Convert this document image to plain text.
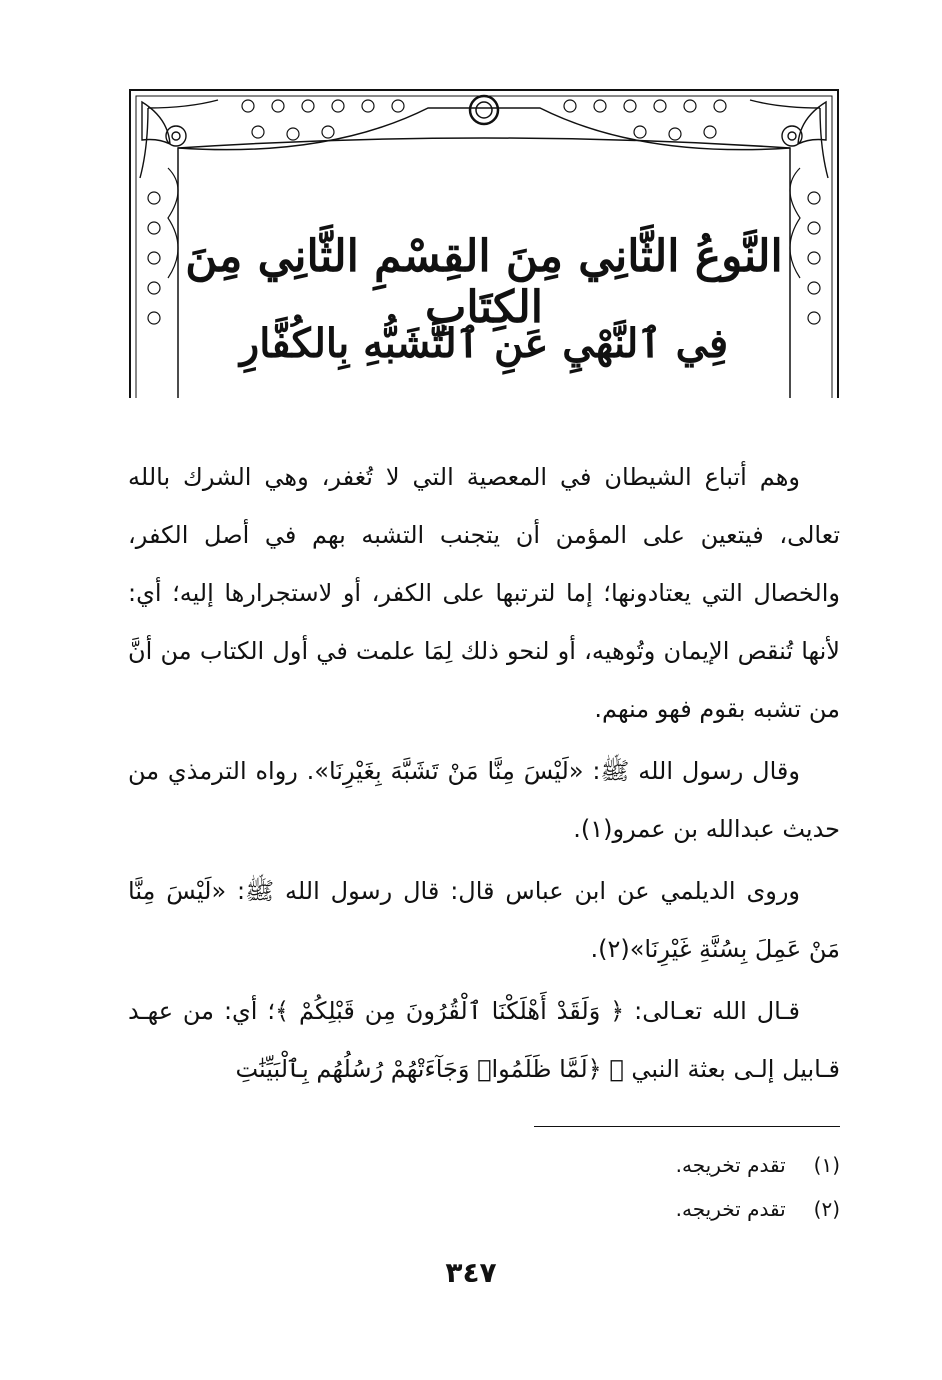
النَّوعُ الثَّانِي مِنَ القِسْمِ الثَّانِي مِنَ الكِتَابِ
فِي ٱلنَّهْيِ عَنِ ٱلتَّشَبُّهِ بِالكُفَّارِ

وهم أتباع الشيطان في المعصية التي لا تُغفر، وهي الشرك بالله تعالى، فيتعين على المؤمن أن يتجنب التشبه بهم في أصل الكفر، والخصال التي يعتادونها؛ إما لترتبها على الكفر، أو لاستجرارها إليه؛ أي: لأنها تُنقص الإيمان وتُوهيه، أو لنحو ذلك لِمَا علمت في أول الكتاب من أنَّ من تشبه بقوم فهو منهم.

وقال رسول الله ﷺ: «لَيْسَ مِنَّا مَنْ تَشَبَّهَ بِغَيْرِنَا». رواه الترمذي من حديث عبدالله بن عمرو(١).

وروى الديلمي عن ابن عباس قال: قال رسول الله ﷺ: «لَيْسَ مِنَّا مَنْ عَمِلَ بِسُنَّةِ غَيْرِنَا»(٢).

قـال الله تعـالى: ﴿ وَلَقَدْ أَهْلَكْنَا ٱلْقُرُونَ مِن قَبْلِكُمْ ﴾؛ أي: من عهـد قـابيل إلـى بعثة النبي ﷺ ﴿لَمَّا ظَلَمُوا۟ وَجَآءَتْهُمْ رُسُلُهُم بِٱلْبَيِّنَٰتِ

(١) تقدم تخريجه.
(٢) تقدم تخريجه.
٣٤٧
